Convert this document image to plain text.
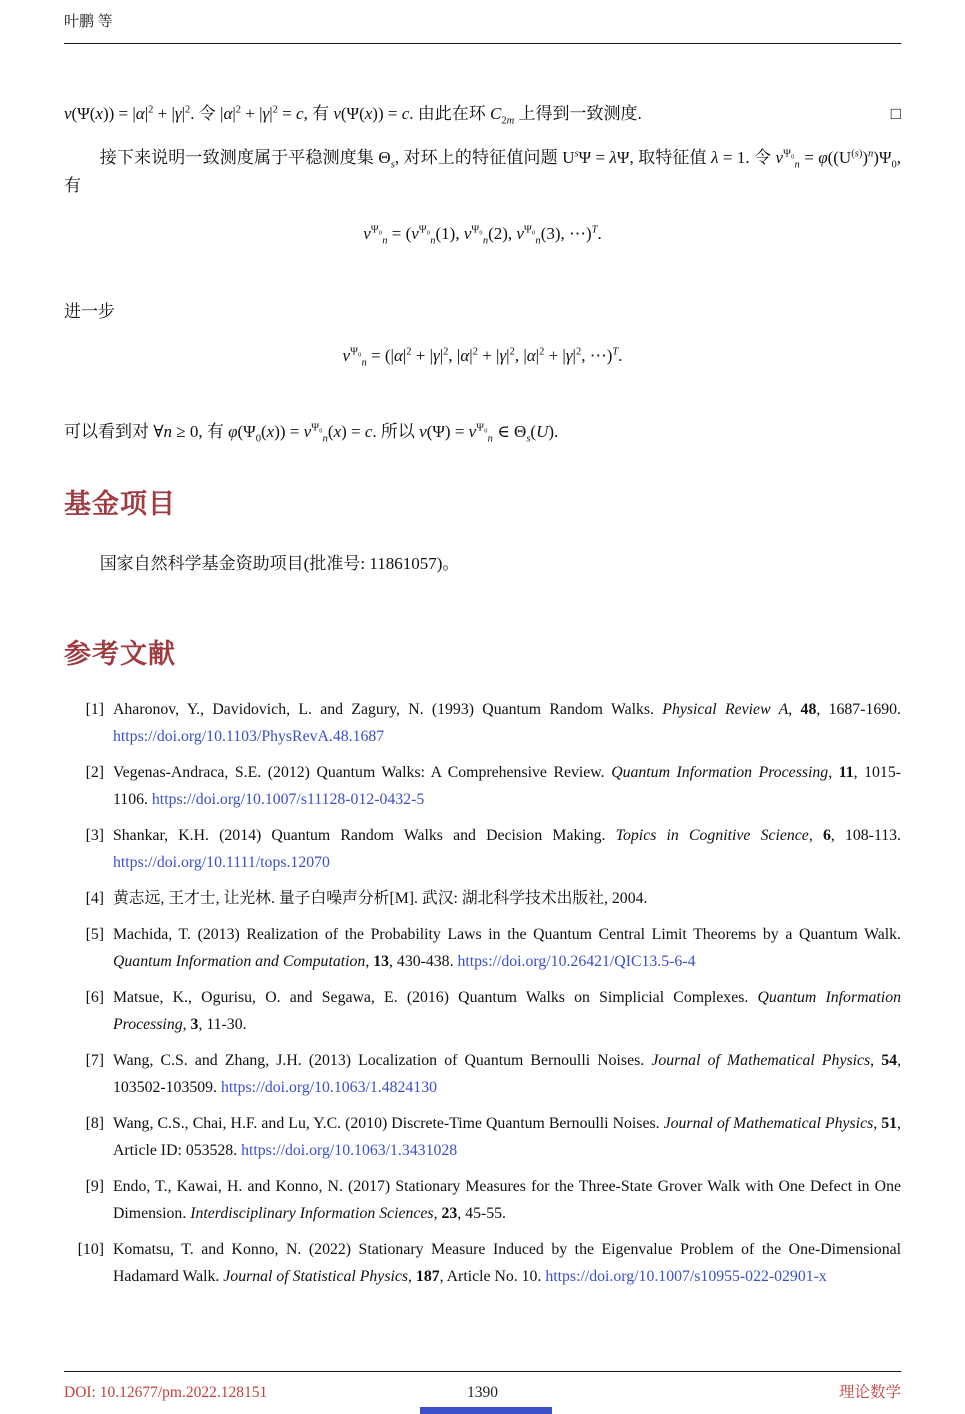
叶鹏 等

$\nu(\Psi(x)) = |\alpha|^2 + |\gamma|^2$. 令 $|\alpha|^2 + |\gamma|^2 = c$, 有 ν(Ψ(x)) = c. 由此在环 $C_{2m}$ 上得到一致测度.	□

接下来说明一致测度属于平稳测度集 $\Theta_s$, 对环上的特征值问题 $U^s\Psi = \lambda\Psi$, 取特征值 λ = 1. 令 $\nu^{\Psi_0}_n = \varphi((U^{(s)})^n)\Psi_0$, 有

$\nu^{\Psi_0}_n = (\nu^{\Psi_0}_n(1)$, $\nu^{\Psi_0}_n(2)$, $\nu^{\Psi_0}_n(3)$, ⋯)$^T$.

进一步

$\nu^{\Psi_0}_n = (|\alpha|^2 + |\gamma|^2$, $|\alpha|^2 + |\gamma|^2$, $|\alpha|^2 + |\gamma|^2$, ⋯)$^T$.

可以看到对 ∀n ≥ 0, 有 $\varphi(\Psi_0(x)) = \nu^{\Psi_0}_n(x) = c$. 所以 $\nu(\Psi) = \nu^{\Psi_0}_n$ ∈ $\Theta_s(U)$.

基金项目

国家自然科学基金资助项目(批准号: 11861057)。

参考文献
[1] Aharonov, Y., Davidovich, L. and Zagury, N. (1993) Quantum Random Walks. Physical Review A, 48, 1687-1690. https://doi.org/10.1103/PhysRevA.48.1687
[2] Vegenas-Andraca, S.E. (2012) Quantum Walks: A Comprehensive Review. Quantum Information Processing, 11, 1015-1106. https://doi.org/10.1007/s11128-012-0432-5
[3] Shankar, K.H. (2014) Quantum Random Walks and Decision Making. Topics in Cognitive Science, 6, 108-113. https://doi.org/10.1111/tops.12070
[4] 黄志远, 王才士, 让光林. 量子白噪声分析[M]. 武汉: 湖北科学技术出版社, 2004.
[5] Machida, T. (2013) Realization of the Probability Laws in the Quantum Central Limit Theorems by a Quantum Walk. Quantum Information and Computation, 13, 430-438. https://doi.org/10.26421/QIC13.5-6-4
[6] Matsue, K., Ogurisu, O. and Segawa, E. (2016) Quantum Walks on Simplicial Complexes. Quantum Information Processing, 3, 11-30.
[7] Wang, C.S. and Zhang, J.H. (2013) Localization of Quantum Bernoulli Noises. Journal of Mathematical Physics, 54, 103502-103509. https://doi.org/10.1063/1.4824130
[8] Wang, C.S., Chai, H.F. and Lu, Y.C. (2010) Discrete-Time Quantum Bernoulli Noises. Journal of Mathematical Physics, 51, Article ID: 053528. https://doi.org/10.1063/1.3431028
[9] Endo, T., Kawai, H. and Konno, N. (2017) Stationary Measures for the Three-State Grover Walk with One Defect in One Dimension. Interdisciplinary Information Sciences, 23, 45-55.
[10] Komatsu, T. and Konno, N. (2022) Stationary Measure Induced by the Eigenvalue Problem of the One-Dimensional Hadamard Walk. Journal of Statistical Physics, 187, Article No. 10. https://doi.org/10.1007/s10955-022-02901-x
DOI: 10.12677/pm.2022.128151	1390	理论数学
